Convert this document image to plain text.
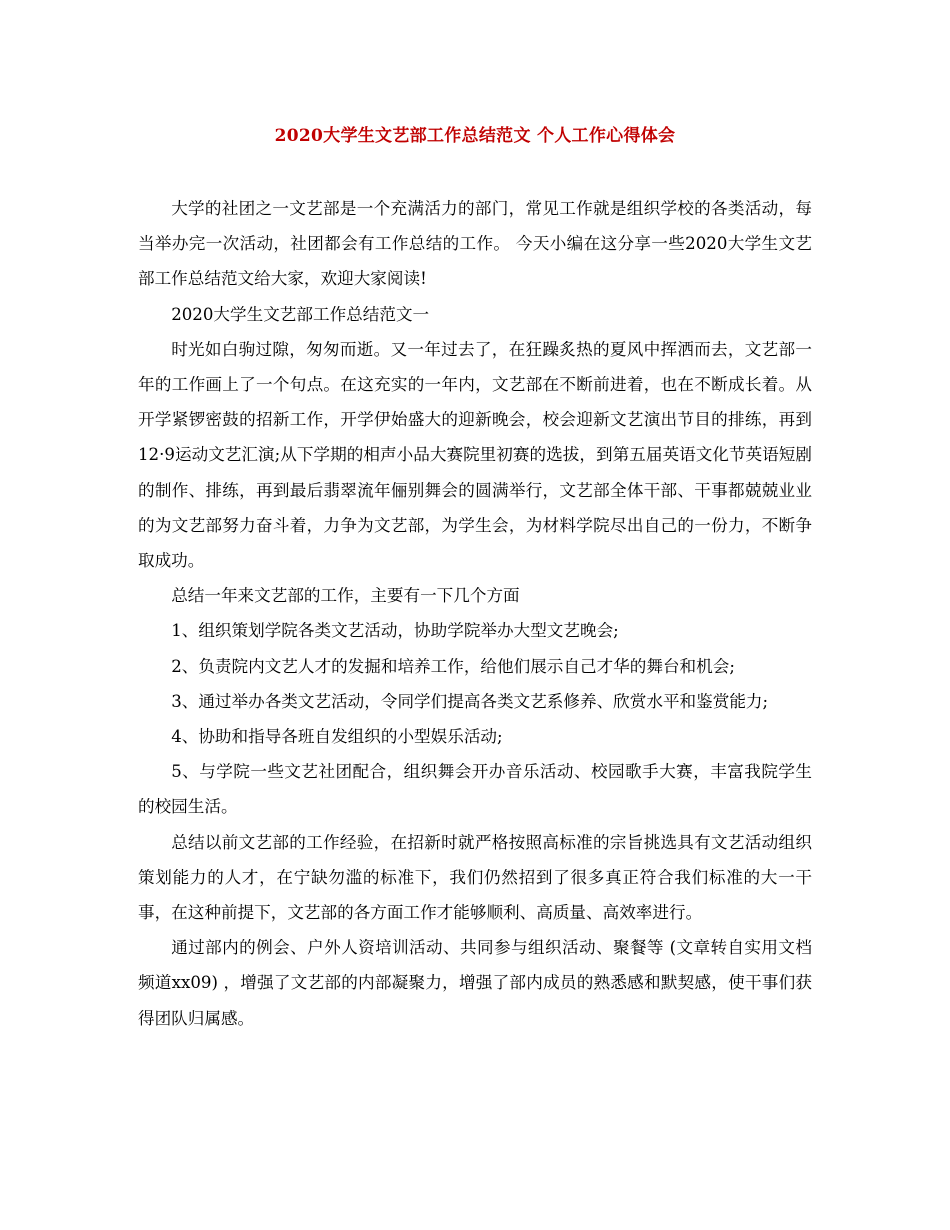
2020大学生文艺部工作总结范文 个人工作心得体会

大学的社团之一文艺部是一个充满活力的部门，常见工作就是组织学校的各类活动，每当举办完一次活动，社团都会有工作总结的工作。 今天小编在这分享一些2020大学生文艺部工作总结范文给大家，欢迎大家阅读!

2020大学生文艺部工作总结范文一

时光如白驹过隙，匆匆而逝。又一年过去了，在狂躁炙热的夏风中挥洒而去，文艺部一年的工作画上了一个句点。在这充实的一年内，文艺部在不断前进着，也在不断成长着。从开学紧锣密鼓的招新工作，开学伊始盛大的迎新晚会，校会迎新文艺演出节目的排练，再到12·9运动文艺汇演;从下学期的相声小品大赛院里初赛的选拔，到第五届英语文化节英语短剧的制作、排练，再到最后翡翠流年俪别舞会的圆满举行，文艺部全体干部、干事都兢兢业业的为文艺部努力奋斗着，力争为文艺部，为学生会，为材料学院尽出自己的一份力，不断争取成功。

总结一年来文艺部的工作，主要有一下几个方面

1、组织策划学院各类文艺活动，协助学院举办大型文艺晚会;

2、负责院内文艺人才的发掘和培养工作，给他们展示自己才华的舞台和机会;

3、通过举办各类文艺活动，令同学们提高各类文艺系修养、欣赏水平和鉴赏能力;

4、协助和指导各班自发组织的小型娱乐活动;

5、与学院一些文艺社团配合，组织舞会开办音乐活动、校园歌手大赛，丰富我院学生的校园生活。

总结以前文艺部的工作经验，在招新时就严格按照高标准的宗旨挑选具有文艺活动组织策划能力的人才，在宁缺勿滥的标准下，我们仍然招到了很多真正符合我们标准的大一干事，在这种前提下，文艺部的各方面工作才能够顺利、高质量、高效率进行。

通过部内的例会、户外人资培训活动、共同参与组织活动、聚餐等 (文章转自实用文档频道xx09) ，增强了文艺部的内部凝聚力，增强了部内成员的熟悉感和默契感，使干事们获得团队归属感。
